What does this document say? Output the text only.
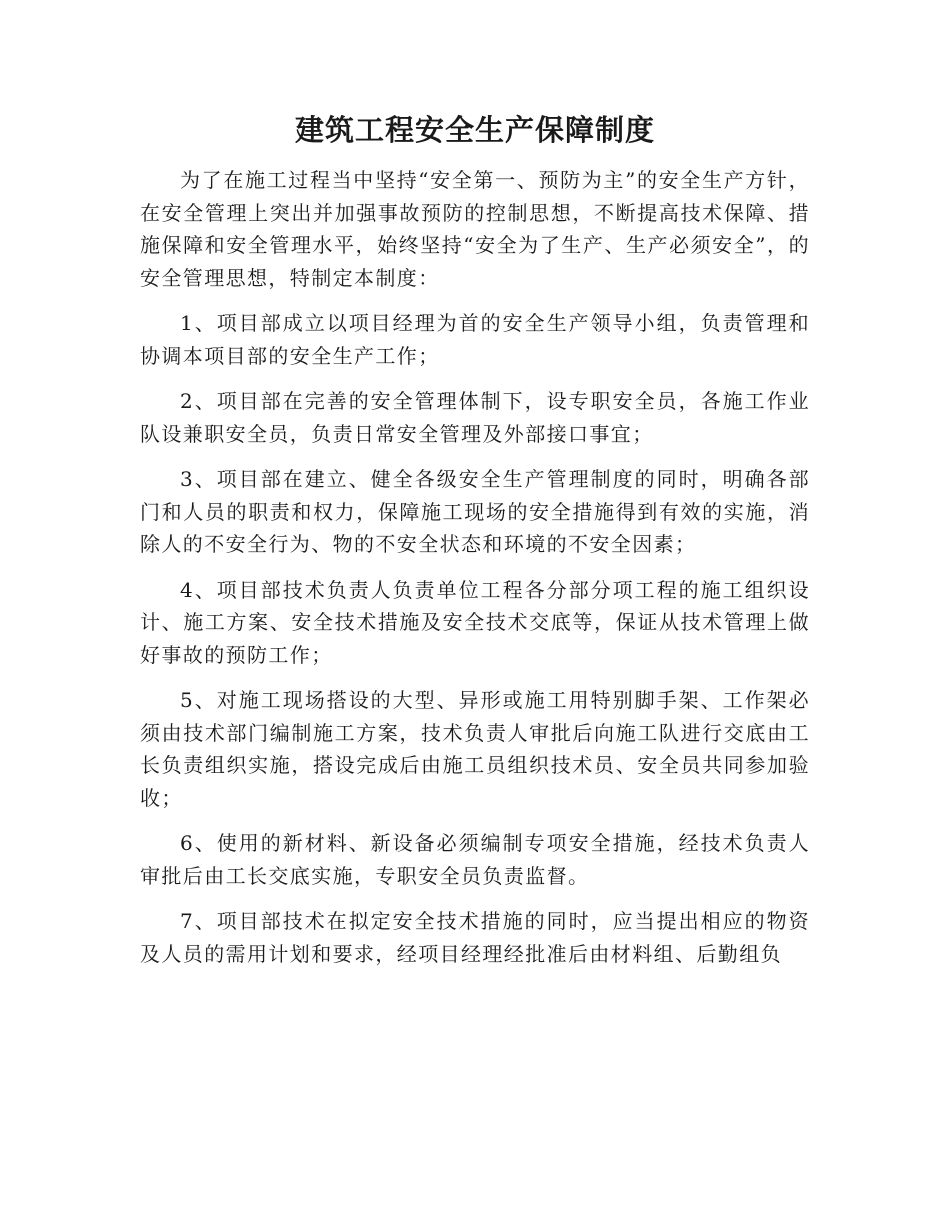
建筑工程安全生产保障制度

为了在施工过程当中坚持“安全第一、预防为主”的安全生产方针，在安全管理上突出并加强事故预防的控制思想，不断提高技术保障、措施保障和安全管理水平，始终坚持“安全为了生产、生产必须安全”，的安全管理思想，特制定本制度：

1、项目部成立以项目经理为首的安全生产领导小组，负责管理和协调本项目部的安全生产工作；

2、项目部在完善的安全管理体制下，设专职安全员，各施工作业队设兼职安全员，负责日常安全管理及外部接口事宜；

3、项目部在建立、健全各级安全生产管理制度的同时，明确各部门和人员的职责和权力，保障施工现场的安全措施得到有效的实施，消除人的不安全行为、物的不安全状态和环境的不安全因素；

4、项目部技术负责人负责单位工程各分部分项工程的施工组织设计、施工方案、安全技术措施及安全技术交底等，保证从技术管理上做好事故的预防工作；

5、对施工现场搭设的大型、异形或施工用特别脚手架、工作架必须由技术部门编制施工方案，技术负责人审批后向施工队进行交底由工长负责组织实施，搭设完成后由施工员组织技术员、安全员共同参加验收；

6、使用的新材料、新设备必须编制专项安全措施，经技术负责人审批后由工长交底实施，专职安全员负责监督。

7、项目部技术在拟定安全技术措施的同时，应当提出相应的物资及人员的需用计划和要求，经项目经理经批准后由材料组、后勤组负
